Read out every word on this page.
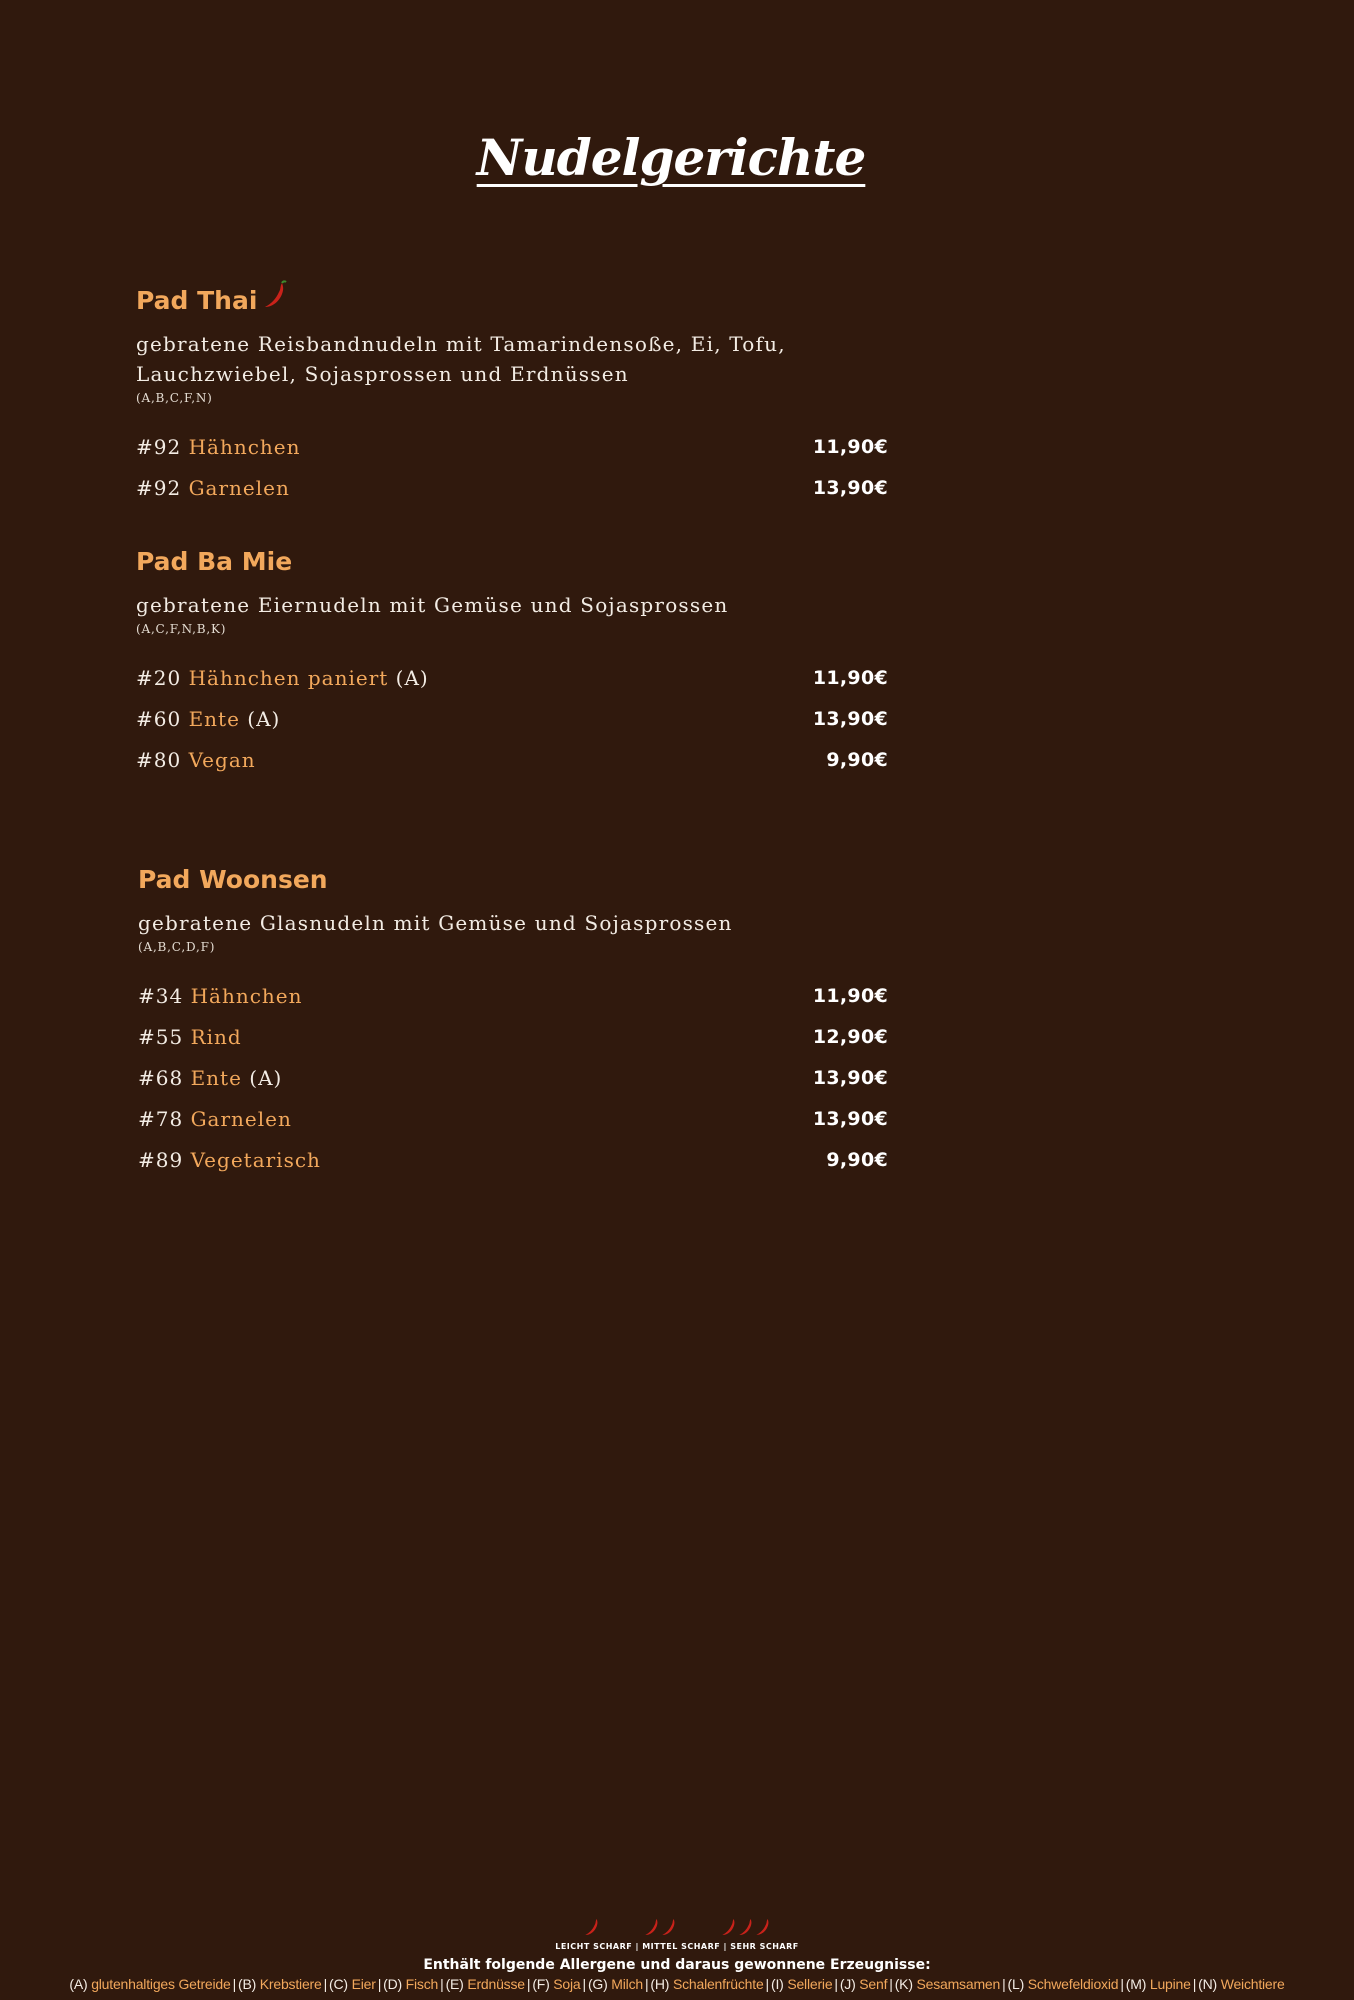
Nudelgerichte
Pad Thai
gebratene Reisbandnudeln mit Tamarindensoße, Ei, Tofu, Lauchzwiebel, Sojasprossen und Erdnüssen
(A,B,C,F,N)
#92 Hähnchen	11,90€
#92 Garnelen	13,90€
Pad Ba Mie
gebratene Eiernudeln mit Gemüse und Sojasprossen
(A,C,F,N,B,K)
#20 Hähnchen paniert (A)	11,90€
#60 Ente (A)	13,90€
#80 Vegan	9,90€
Pad Woonsen
gebratene Glasnudeln mit Gemüse und Sojasprossen
(A,B,C,D,F)
#34 Hähnchen	11,90€
#55 Rind	12,90€
#68 Ente (A)	13,90€
#78 Garnelen	13,90€
#89 Vegetarisch	9,90€
LEICHT SCHARF | MITTEL SCHARF | SEHR SCHARF
Enthält folgende Allergene und daraus gewonnene Erzeugnisse:
(A) glutenhaltiges Getreide | (B) Krebstiere | (C) Eier | (D) Fisch | (E) Erdnüsse | (F) Soja | (G) Milch | (H) Schalenfrüchte | (I) Sellerie | (J) Senf | (K) Sesamsamen | (L) Schwefeldioxid | (M) Lupine | (N) Weichtiere
